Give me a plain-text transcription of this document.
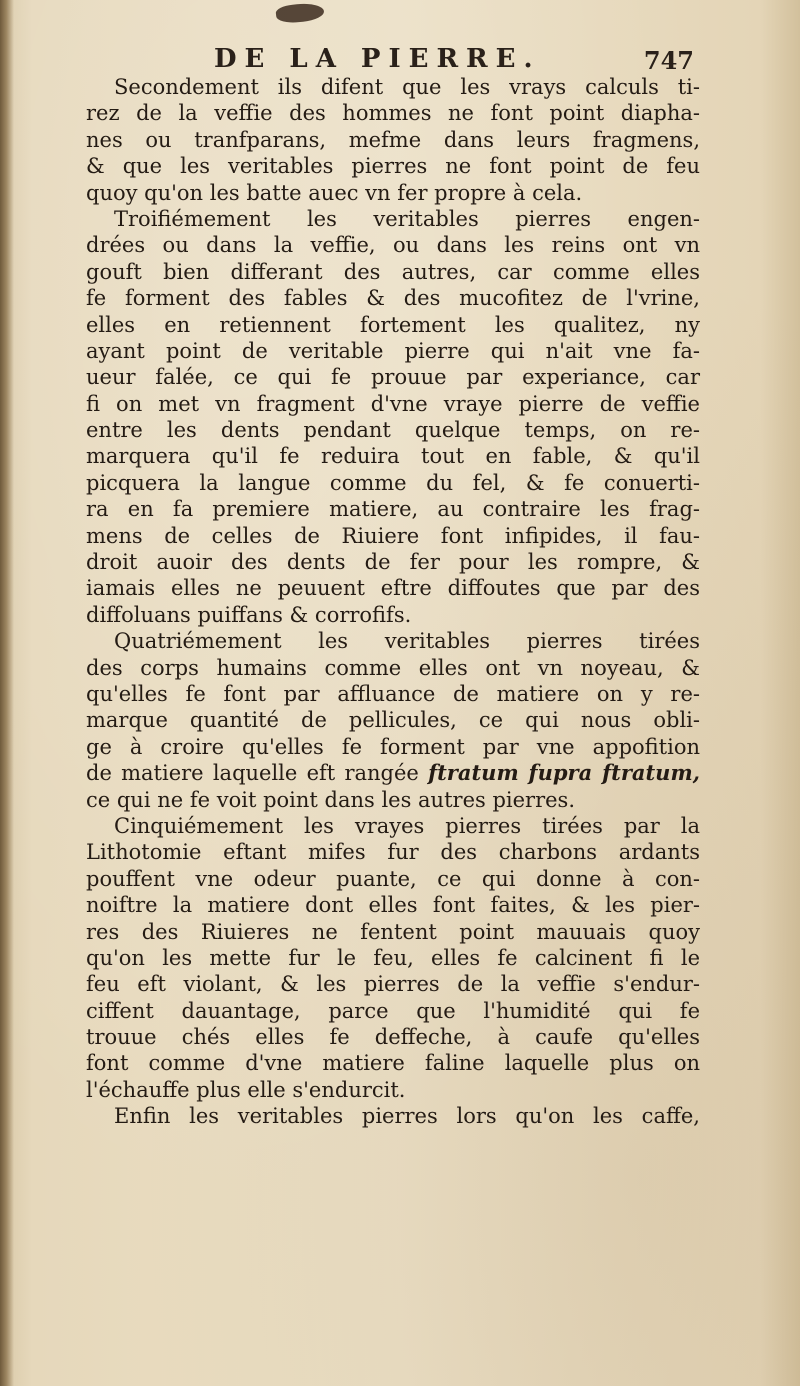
DE LA PIERRE.	747
Secondement ils difent que les vrays calculs ti-
rez de la veffie des hommes ne font point diapha-
nes ou tranfparans, mefme dans leurs fragmens,
& que les veritables pierres ne font point de feu
quoy qu'on les batte auec vn fer propre à cela.
Troifiémement les veritables pierres engen-
drées ou dans la veffie, ou dans les reins ont vn
gouft bien differant des autres, car comme elles
fe forment des fables & des mucofitez de l'vrine,
elles en retiennent fortement les qualitez, ny
ayant point de veritable pierre qui n'ait vne fa-
ueur falée, ce qui fe prouue par experiance, car
fi on met vn fragment d'vne vraye pierre de veffie
entre les dents pendant quelque temps, on re-
marquera qu'il fe reduira tout en fable, & qu'il
picquera la langue comme du fel, & fe conuerti-
ra en fa premiere matiere, au contraire les frag-
mens de celles de Riuiere font infipides, il fau-
droit auoir des dents de fer pour les rompre, &
iamais elles ne peuuent eftre diffoutes que par des
diffoluans puiffans & corrofifs.
Quatriémement les veritables pierres tirées
des corps humains comme elles ont vn noyeau, &
qu'elles fe font par affluance de matiere on y re-
marque quantité de pellicules, ce qui nous obli-
ge à croire qu'elles fe forment par vne appofition
de matiere laquelle eft rangée ftratum fupra ftratum,
ce qui ne fe voit point dans les autres pierres.
Cinquiémement les vrayes pierres tirées par la
Lithotomie eftant mifes fur des charbons ardants
pouffent vne odeur puante, ce qui donne à con-
noiftre la matiere dont elles font faites, & les pier-
res des Riuieres ne fentent point mauuais quoy
qu'on les mette fur le feu, elles fe calcinent fi le
feu eft violant, & les pierres de la veffie s'endur-
ciffent dauantage, parce que l'humidité qui fe
trouue chés elles fe deffeche, à caufe qu'elles
font comme d'vne matiere faline laquelle plus on
l'échauffe plus elle s'endurcit.
Enfin les veritables pierres lors qu'on les caffe,
